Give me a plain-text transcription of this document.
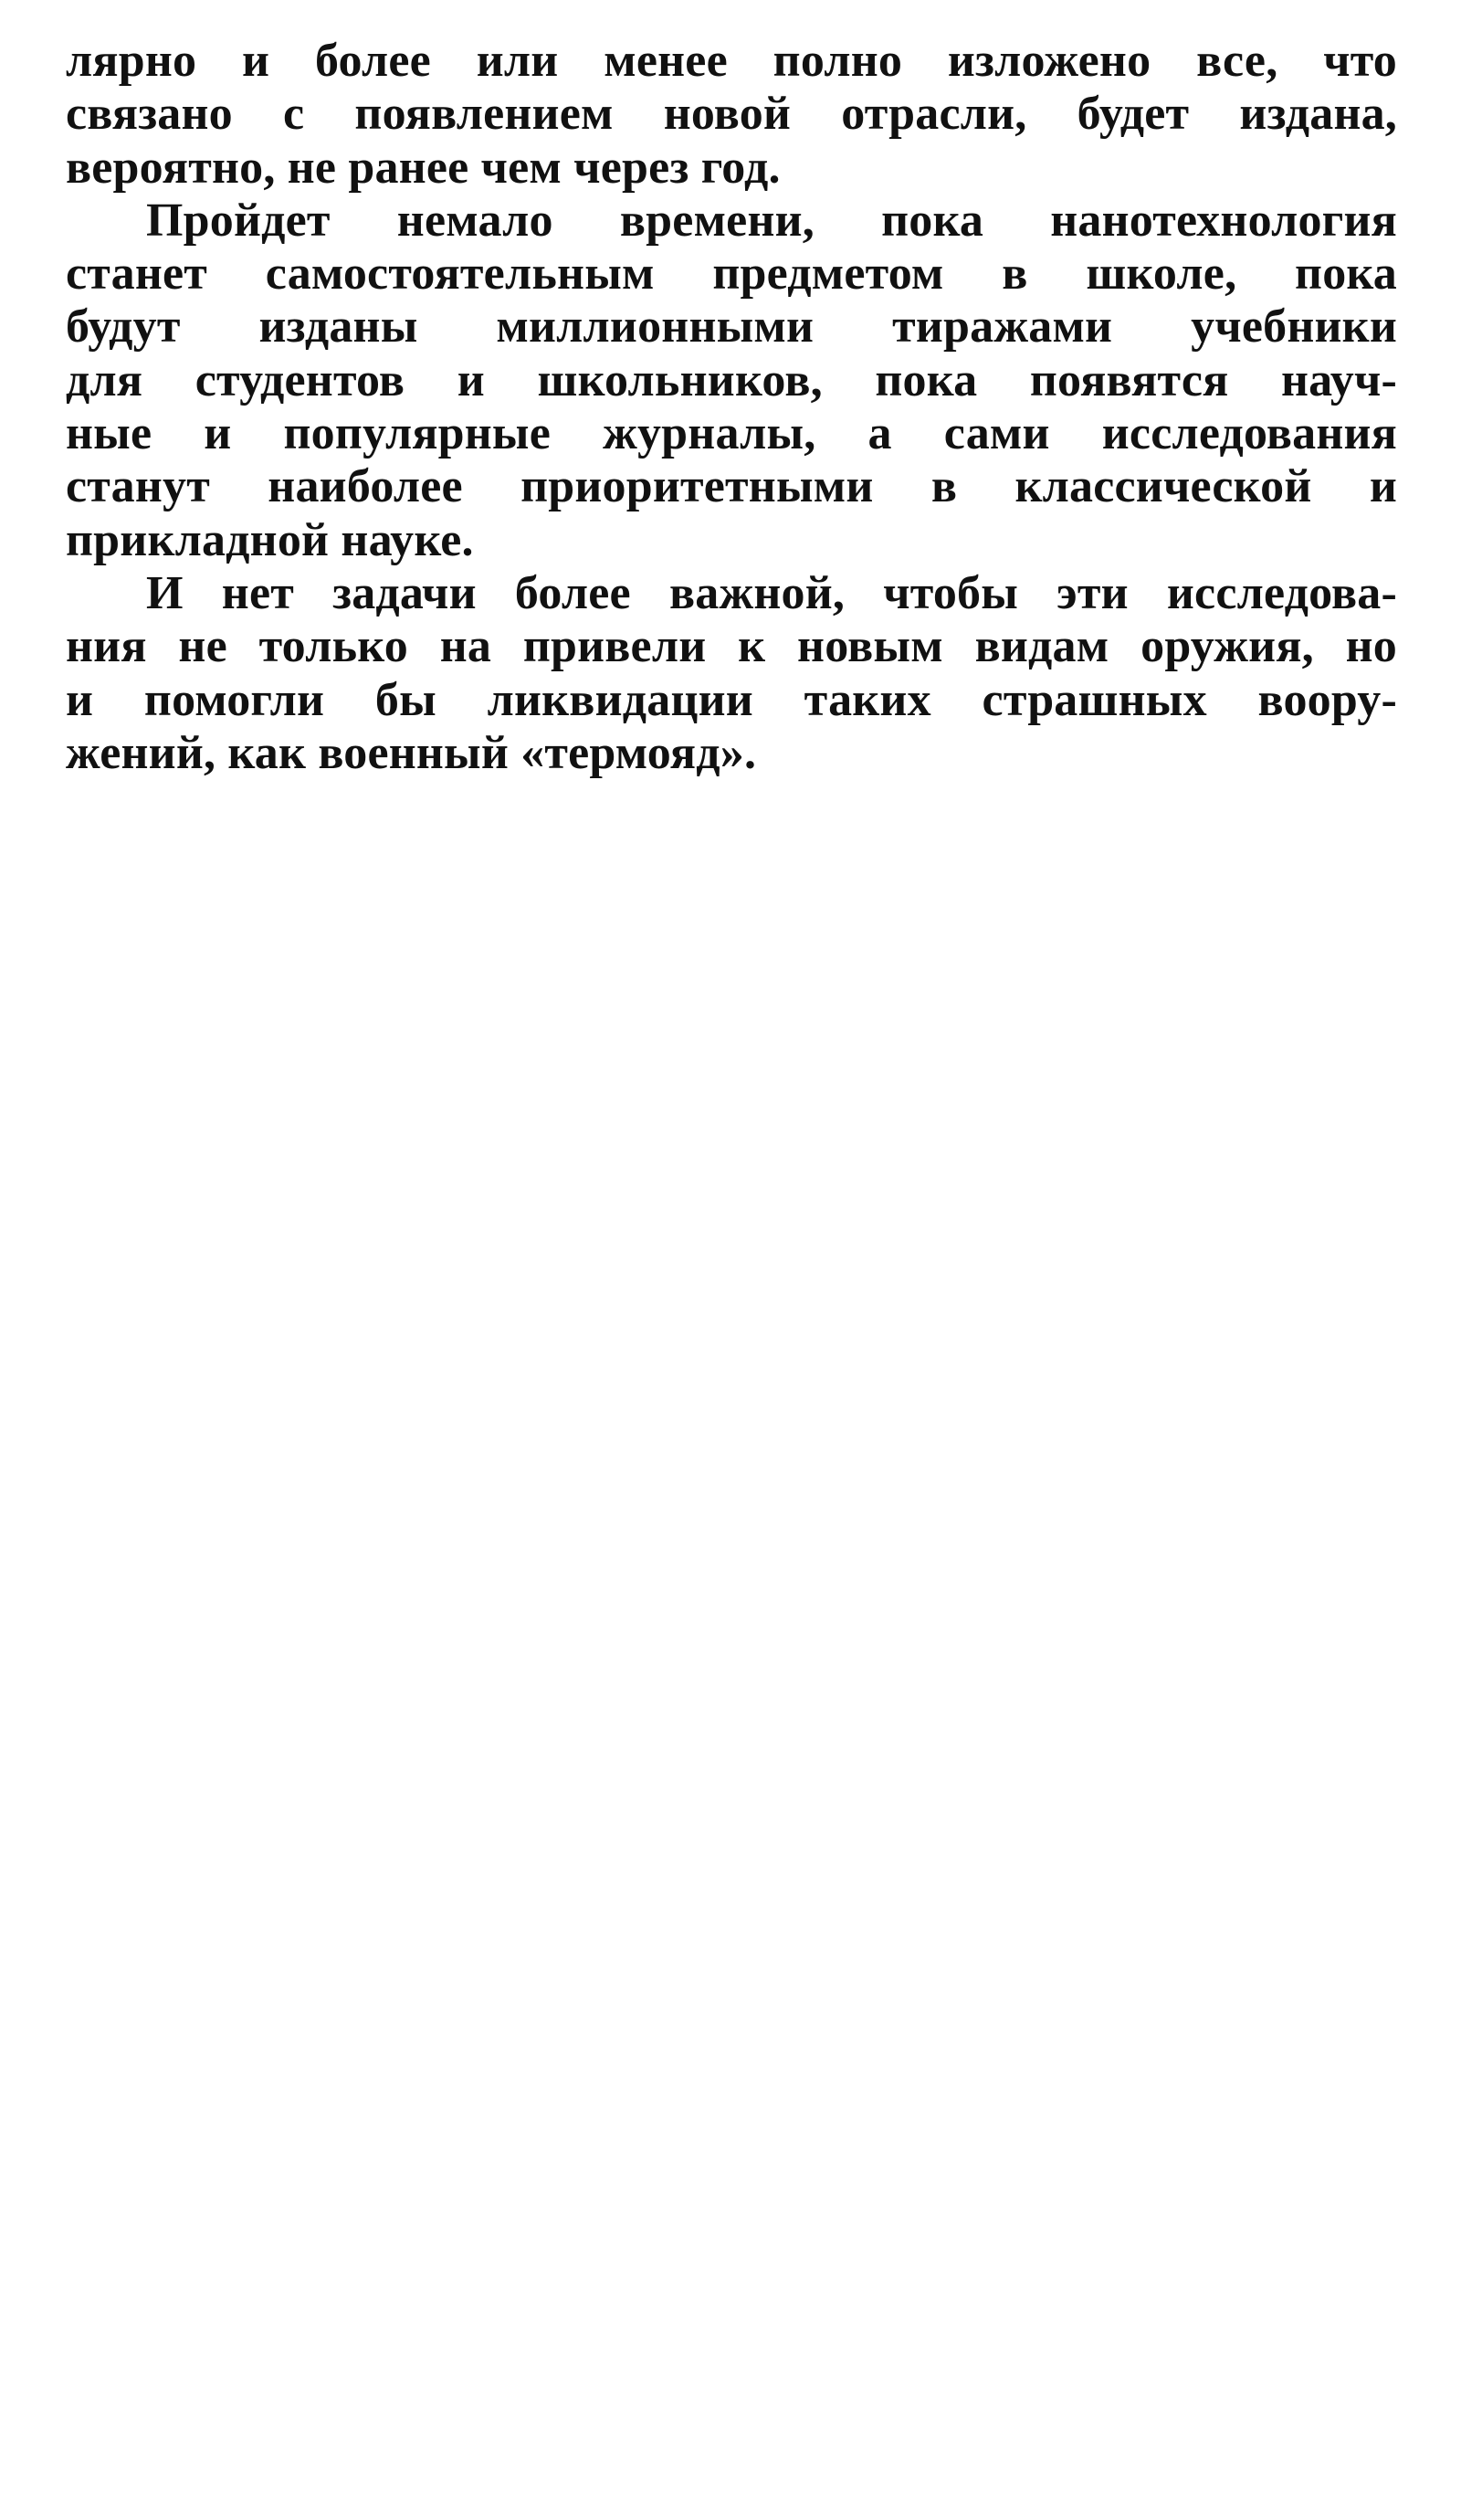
лярно и более или менее полно изложено все, что
связано с появлением новой отрасли, будет издана,
вероятно, не ранее чем через год.

Пройдет немало времени, пока нанотехнология
станет самостоятельным предметом в школе, пока
будут изданы миллионными тиражами учебники
для студентов и школьников, пока появятся науч-
ные и популярные журналы, а сами исследования
станут наиболее приоритетными в классической и
прикладной науке.

И нет задачи более важной, чтобы эти исследова-
ния не только на привели к новым видам оружия, но
и помогли бы ликвидации таких страшных воору-
жений, как военный «термояд».
